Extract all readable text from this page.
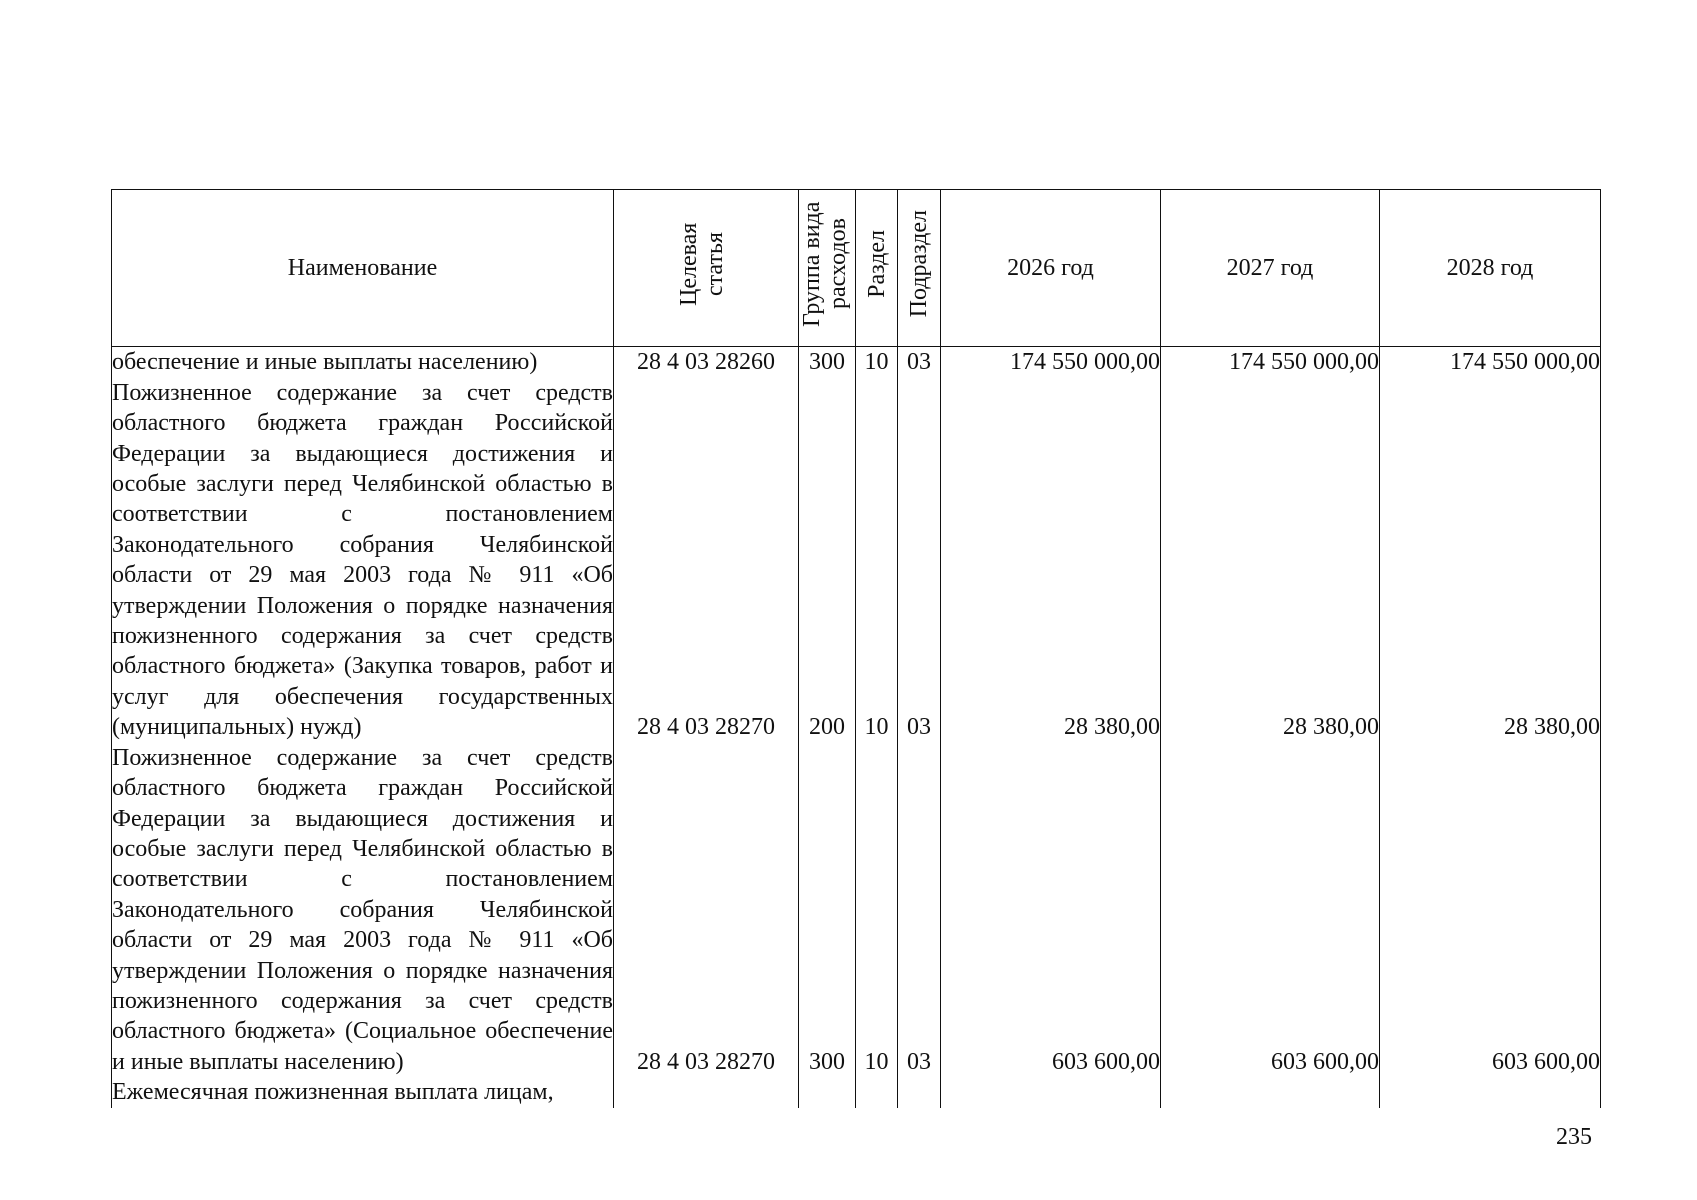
Наименование	Целевая статья	Группа вида расходов	Раздел	Подраздел	2026 год	2027 год	2028 год
обеспечение и иные выплаты населению)	28 4 03 28260	300	10	03	174 550 000,00	174 550 000,00	174 550 000,00

Пожизненное содержание за счет средств областного бюджета граждан Российской Федерации за выдающиеся достижения и особые заслуги перед Челябинской областью в соответствии с постановлением Законодательного собрания Челябинской области от 29 мая 2003 года № 911 «Об утверждении Положения о порядке назначения пожизненного содержания за счет средств областного бюджета» (Закупка товаров, работ и услуг для обеспечения государственных (муниципальных) нужд)	28 4 03 28270	200	10	03	28 380,00	28 380,00	28 380,00

Пожизненное содержание за счет средств областного бюджета граждан Российской Федерации за выдающиеся достижения и особые заслуги перед Челябинской областью в соответствии с постановлением Законодательного собрания Челябинской области от 29 мая 2003 года № 911 «Об утверждении Положения о порядке назначения пожизненного содержания за счет средств областного бюджета» (Социальное обеспечение и иные выплаты населению)	28 4 03 28270	300	10	03	603 600,00	603 600,00	603 600,00
Ежемесячная пожизненная выплата лицам,							
235
